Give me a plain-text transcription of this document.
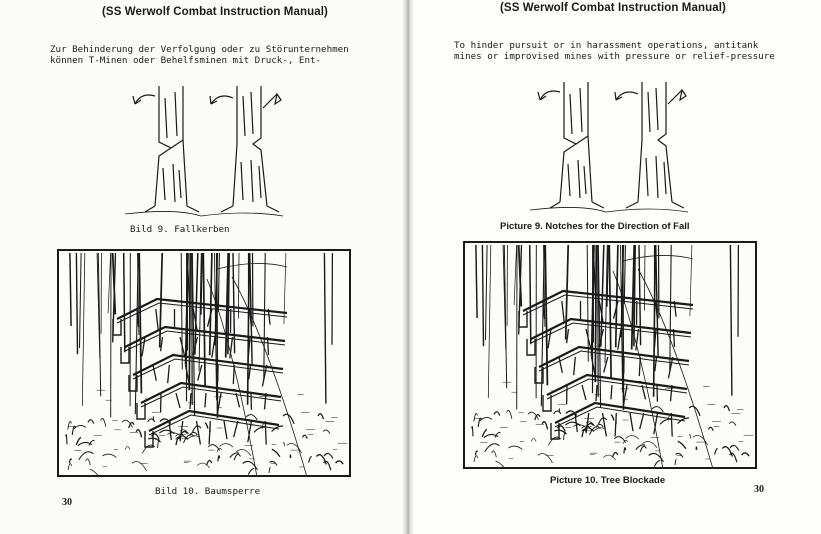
(SS Werwolf Combat Instruction Manual)
Zur Behinderung der Verfolgung oder zu Störunternehmen
können T-Minen oder Behelfsminen mit Druck-, Ent-
Bild 9. Fallkerben
Bild 10. Baumsperre
30
(SS Werwolf Combat Instruction Manual)
To hinder pursuit or in harassment operations, antitank
mines or improvised mines with pressure or relief-pressure
Picture 9. Notches for the Direction of Fall
Picture 10. Tree Blockade
30
